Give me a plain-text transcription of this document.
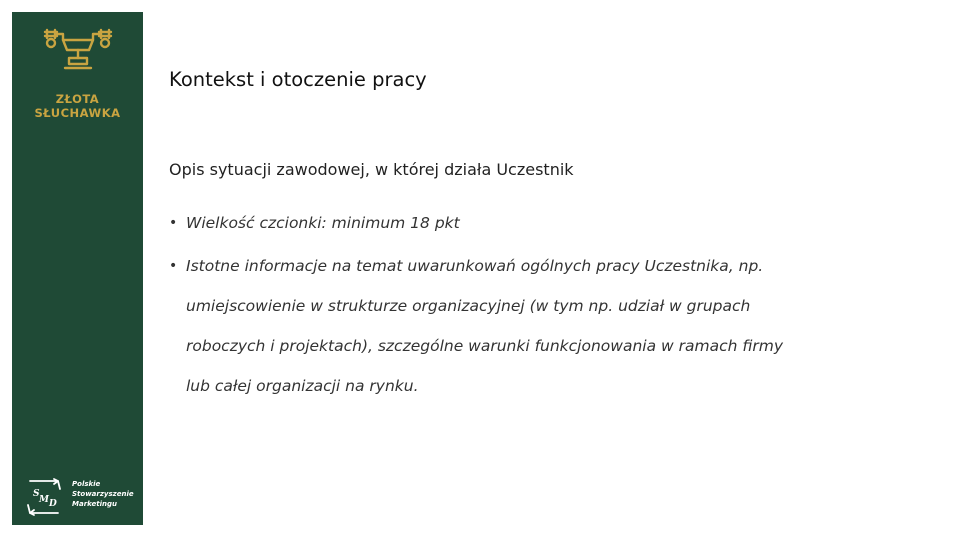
ZŁOTA
SŁUCHAWKA
S
M D
Polskie
Stowarzyszenie
Marketingu
Kontekst i otoczenie pracy
Opis sytuacji zawodowej, w której działa Uczestnik
• Wielkość czcionki: minimum 18 pkt
• Istotne informacje na temat uwarunkowań ogólnych pracy Uczestnika, np.
umiejscowienie w strukturze organizacyjnej (w tym np. udział w grupach
roboczych i projektach), szczególne warunki funkcjonowania w ramach firmy
lub całej organizacji na rynku.
